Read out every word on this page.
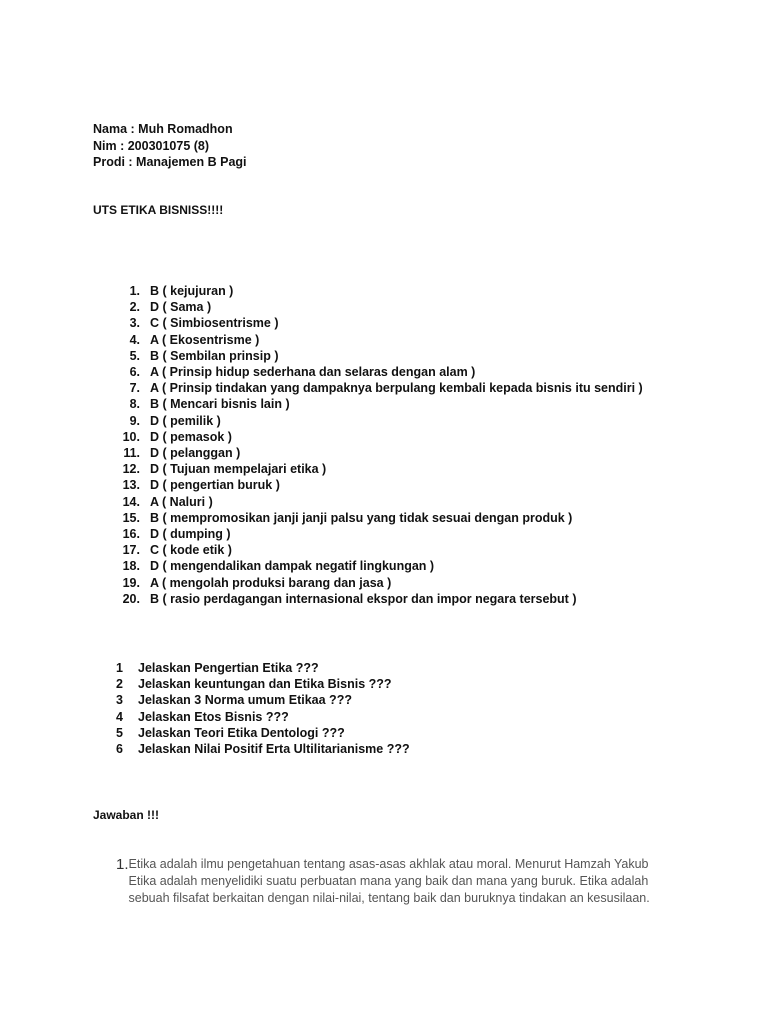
Nama : Muh Romadhon
Nim : 200301075 (8)
Prodi : Manajemen B Pagi
UTS ETIKA BISNISS!!!!
1. B ( kejujuran )
2. D ( Sama )
3. C ( Simbiosentrisme )
4. A ( Ekosentrisme )
5. B ( Sembilan prinsip )
6. A ( Prinsip hidup sederhana dan selaras dengan alam )
7. A ( Prinsip tindakan yang dampaknya berpulang kembali kepada bisnis itu sendiri )
8. B ( Mencari bisnis lain )
9. D ( pemilik )
10. D ( pemasok )
11. D ( pelanggan )
12. D ( Tujuan mempelajari etika )
13. D ( pengertian buruk )
14. A ( Naluri )
15. B ( mempromosikan janji janji palsu yang tidak sesuai dengan produk )
16. D ( dumping )
17. C ( kode etik )
18. D ( mengendalikan dampak negatif lingkungan )
19. A ( mengolah produksi barang dan jasa )
20. B ( rasio perdagangan internasional ekspor dan impor negara tersebut )
1	Jelaskan Pengertian Etika ???
2	Jelaskan keuntungan dan Etika Bisnis ???
3	Jelaskan 3 Norma umum Etikaa ???
4	Jelaskan Etos Bisnis ???
5	Jelaskan Teori Etika Dentologi ???
6	Jelaskan Nilai Positif Erta Ultilitarianisme ???
Jawaban !!!
1. Etika adalah ilmu pengetahuan tentang asas-asas akhlak atau moral. Menurut Hamzah Yakub Etika adalah menyelidiki suatu perbuatan mana yang baik dan mana yang buruk. Etika adalah sebuah filsafat berkaitan dengan nilai-nilai, tentang baik dan buruknya tindakan an kesusilaan.
